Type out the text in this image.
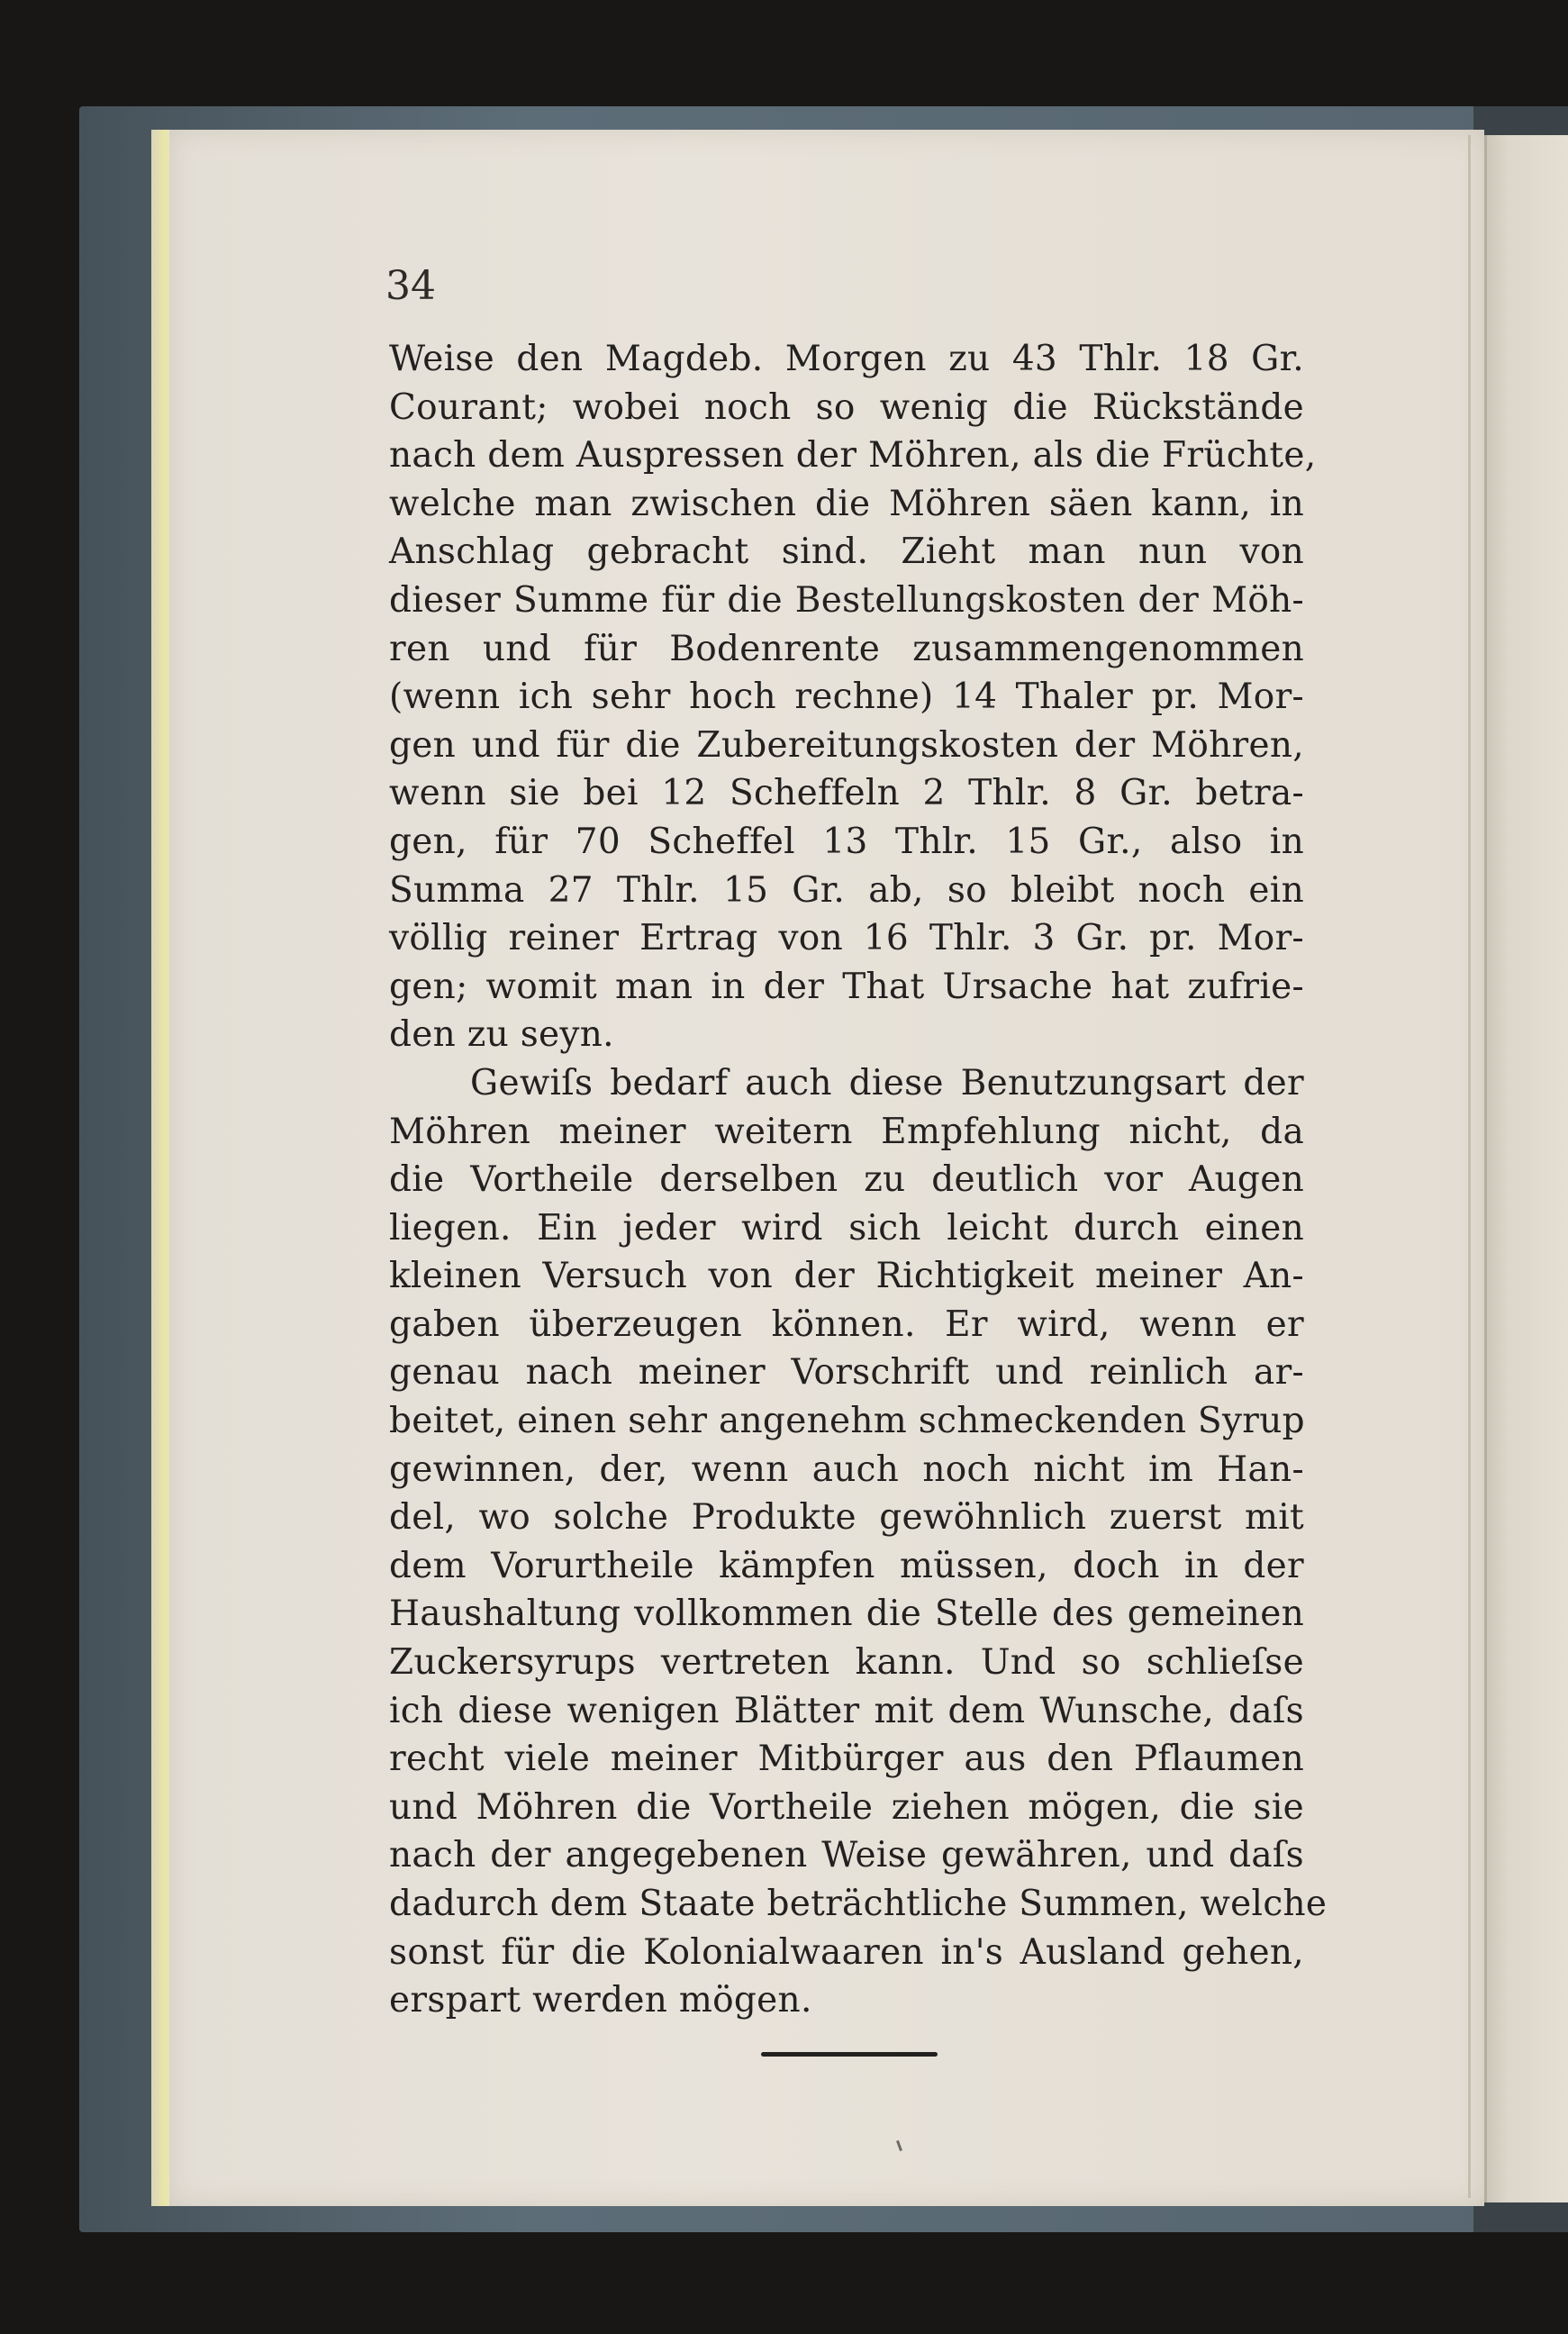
34
Weise den Magdeb. Morgen zu 43 Thlr. 18 Gr.
Courant; wobei noch so wenig die Rückstände
nach dem Auspressen der Möhren, als die Früchte,
welche man zwischen die Möhren säen kann, in
Anschlag gebracht sind. Zieht man nun von
dieser Summe für die Bestellungskosten der Möh-
ren und für Bodenrente zusammengenommen
(wenn ich sehr hoch rechne) 14 Thaler pr. Mor-
gen und für die Zubereitungskosten der Möhren,
wenn sie bei 12 Scheffeln 2 Thlr. 8 Gr. betra-
gen, für 70 Scheffel 13 Thlr. 15 Gr., also in
Summa 27 Thlr. 15 Gr. ab, so bleibt noch ein
völlig reiner Ertrag von 16 Thlr. 3 Gr. pr. Mor-
gen; womit man in der That Ursache hat zufrie-
den zu seyn.
Gewiſs bedarf auch diese Benutzungsart der
Möhren meiner weitern Empfehlung nicht, da
die Vortheile derselben zu deutlich vor Augen
liegen. Ein jeder wird sich leicht durch einen
kleinen Versuch von der Richtigkeit meiner An-
gaben überzeugen können. Er wird, wenn er
genau nach meiner Vorschrift und reinlich ar-
beitet, einen sehr angenehm schmeckenden Syrup
gewinnen, der, wenn auch noch nicht im Han-
del, wo solche Produkte gewöhnlich zuerst mit
dem Vorurtheile kämpfen müssen, doch in der
Haushaltung vollkommen die Stelle des gemeinen
Zuckersyrups vertreten kann. Und so schlieſse
ich diese wenigen Blätter mit dem Wunsche, daſs
recht viele meiner Mitbürger aus den Pflaumen
und Möhren die Vortheile ziehen mögen, die sie
nach der angegebenen Weise gewähren, und daſs
dadurch dem Staate beträchtliche Summen, welche
sonst für die Kolonialwaaren in's Ausland gehen,
erspart werden mögen.
